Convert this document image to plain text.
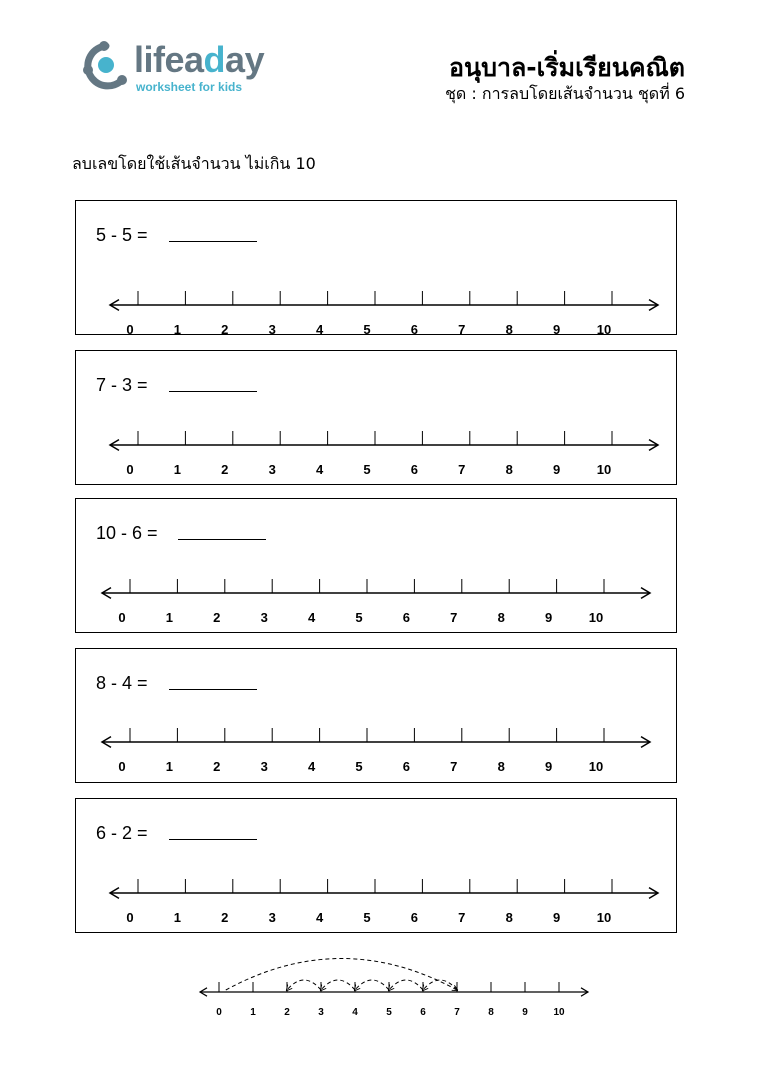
lifeaday
worksheet for kids
อนุบาล-เริ่มเรียนคณิต
ชุด : การลบโดยเส้นจำนวน ชุดที่ 6
ลบเลขโดยใช้เส้นจำนวน ไม่เกิน 10
5 - 5 =
0	1	2	3	4	5	6	7	8	9	10
7 - 3 =
0	1	2	3	4	5	6	7	8	9	10
10 - 6 =
0	1	2	3	4	5	6	7	8	9	10
8 - 4 =
0	1	2	3	4	5	6	7	8	9	10
6 - 2 =
0	1	2	3	4	5	6	7	8	9	10
0	1	2	3	4	5	6	7	8	9	10
